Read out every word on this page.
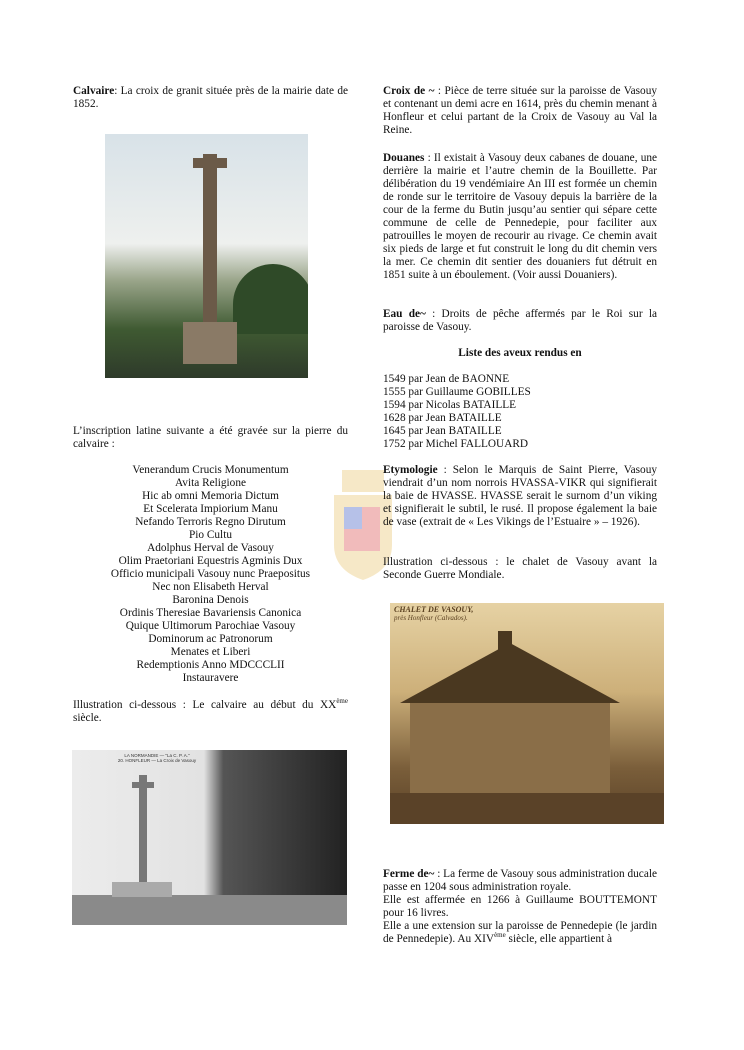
Calvaire: La croix de granit située près de la mairie date de 1852.

L’inscription latine suivante a été gravée sur la pierre du calvaire :

Venerandum Crucis Monumentum
Avita Religione
Hic ab omni Memoria Dictum
Et Scelerata Impiorium Manu
Nefando Terroris Regno Dirutum
Pio Cultu
Adolphus Herval de Vasouy
Olim Praetoriani Equestris Agminis Dux
Officio municipali Vasouy nunc Praepositus
Nec non Elisabeth Herval
Baronina Denois
Ordinis Theresiae Bavariensis Canonica
Quique Ultimorum Parochiae Vasouy
Dominorum ac Patronorum
Menates et Liberi
Redemptionis Anno MDCCCLII
Instauravere

Illustration ci-dessous : Le calvaire au début du XXème siècle.

LA NORMANDIE — "La C. P. A."
20. HONFLEUR — La Croix de Vasouy

Croix de ~ : Pièce de terre située sur la paroisse de Vasouy et contenant un demi acre en 1614, près du chemin menant à Honfleur et celui partant de la Croix de Vasouy au Val la Reine.

Douanes : Il existait à Vasouy deux cabanes de douane, une derrière la mairie et l’autre chemin de la Bouillette. Par délibération du 19 vendémiaire An III est formée un chemin de ronde sur le territoire de Vasouy depuis la barrière de la cour de la ferme du Butin jusqu’au sentier qui sépare cette commune de celle de Pennedepie, pour faciliter aux patrouilles le moyen de recourir au rivage. Ce chemin avait six pieds de large et fut construit le long du dit chemin vers la mer. Ce chemin dit sentier des douaniers fut détruit en 1851 suite à un éboulement. (Voir aussi Douaniers).

Eau de~ : Droits de pêche affermés par le Roi sur la paroisse de Vasouy.

Liste des aveux rendus en
1549 par Jean de BAONNE
1555 par Guillaume GOBILLES
1594 par Nicolas BATAILLE
1628 par Jean BATAILLE
1645 par Jean BATAILLE
1752 par Michel FALLOUARD

Etymologie : Selon le Marquis de Saint Pierre, Vasouy viendrait d’un nom norrois HVASSA-VIKR qui signifierait la baie de HVASSE. HVASSE serait le surnom d’un viking et signifierait le subtil, le rusé. Il propose également la baie de vase (extrait de « Les Vikings de l’Estuaire » – 1926).

Illustration ci-dessous : le chalet de Vasouy avant la Seconde Guerre Mondiale.

CHALET DE VASOUY,
près Honfleur (Calvados).

Ferme de~ : La ferme de Vasouy sous administration ducale passe en 1204 sous administration royale.

Elle est affermée en 1266 à Guillaume BOUTTEMONT pour 16 livres.

Elle a une extension sur la paroisse de Pennedepie (le jardin de Pennedepie). Au XIVème siècle, elle appartient à
